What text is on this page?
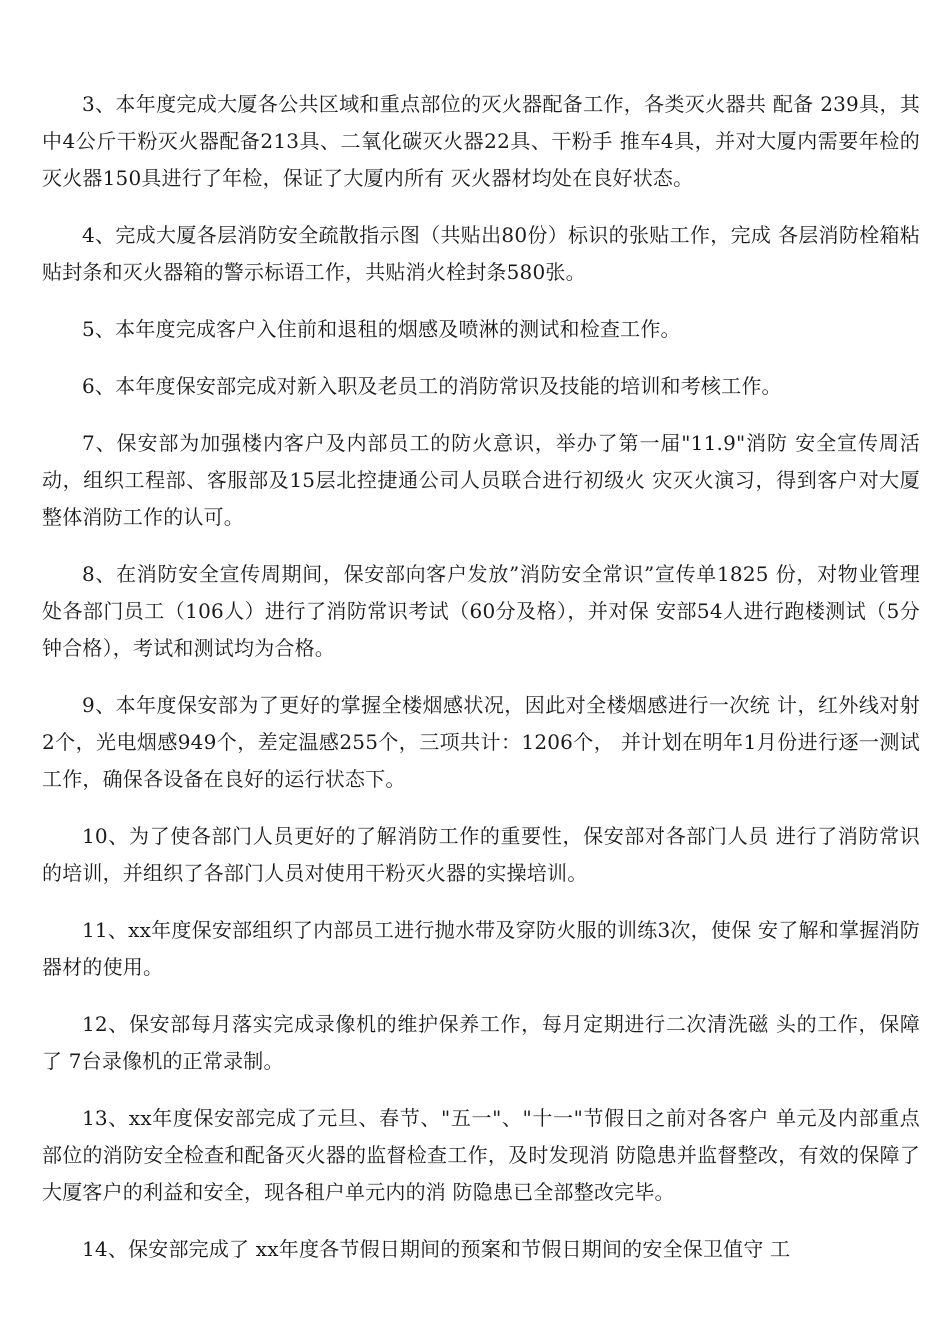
3、本年度完成大厦各公共区域和重点部位的灭火器配备工作，各类灭火器共 配备 239具，其中4公斤干粉灭火器配备213具、二氧化碳灭火器22具、干粉手 推车4具，并对大厦内需要年检的灭火器150具进行了年检，保证了大厦内所有 灭火器材均处在良好状态。

4、完成大厦各层消防安全疏散指示图（共贴出80份）标识的张贴工作，完成 各层消防栓箱粘贴封条和灭火器箱的警示标语工作，共贴消火栓封条580张。

5、本年度完成客户入住前和退租的烟感及喷淋的测试和检查工作。

6、本年度保安部完成对新入职及老员工的消防常识及技能的培训和考核工作。

7、保安部为加强楼内客户及内部员工的防火意识，举办了第一届"11.9"消防 安全宣传周活动，组织工程部、客服部及15层北控捷通公司人员联合进行初级火 灾灭火演习，得到客户对大厦整体消防工作的认可。

8、在消防安全宣传周期间，保安部向客户发放”消防安全常识”宣传单1825 份，对物业管理处各部门员工（106人）进行了消防常识考试（60分及格），并对保 安部54人进行跑楼测试（5分钟合格），考试和测试均为合格。

9、本年度保安部为了更好的掌握全楼烟感状况，因此对全楼烟感进行一次统 计，红外线对射2个，光电烟感949个，差定温感255个，三项共计：1206个， 并计划在明年1月份进行逐一测试工作，确保各设备在良好的运行状态下。

10、为了使各部门人员更好的了解消防工作的重要性，保安部对各部门人员 进行了消防常识的培训，并组织了各部门人员对使用干粉灭火器的实操培训。

11、xx年度保安部组织了内部员工进行抛水带及穿防火服的训练3次，使保 安了解和掌握消防器材的使用。

12、保安部每月落实完成录像机的维护保养工作，每月定期进行二次清洗磁 头的工作，保障了 7台录像机的正常录制。

13、xx年度保安部完成了元旦、春节、"五一"、"十一"节假日之前对各客户 单元及内部重点部位的消防安全检查和配备灭火器的监督检查工作，及时发现消 防隐患并监督整改，有效的保障了大厦客户的利益和安全，现各租户单元内的消 防隐患已全部整改完毕。

14、保安部完成了 xx年度各节假日期间的预案和节假日期间的安全保卫值守 工
